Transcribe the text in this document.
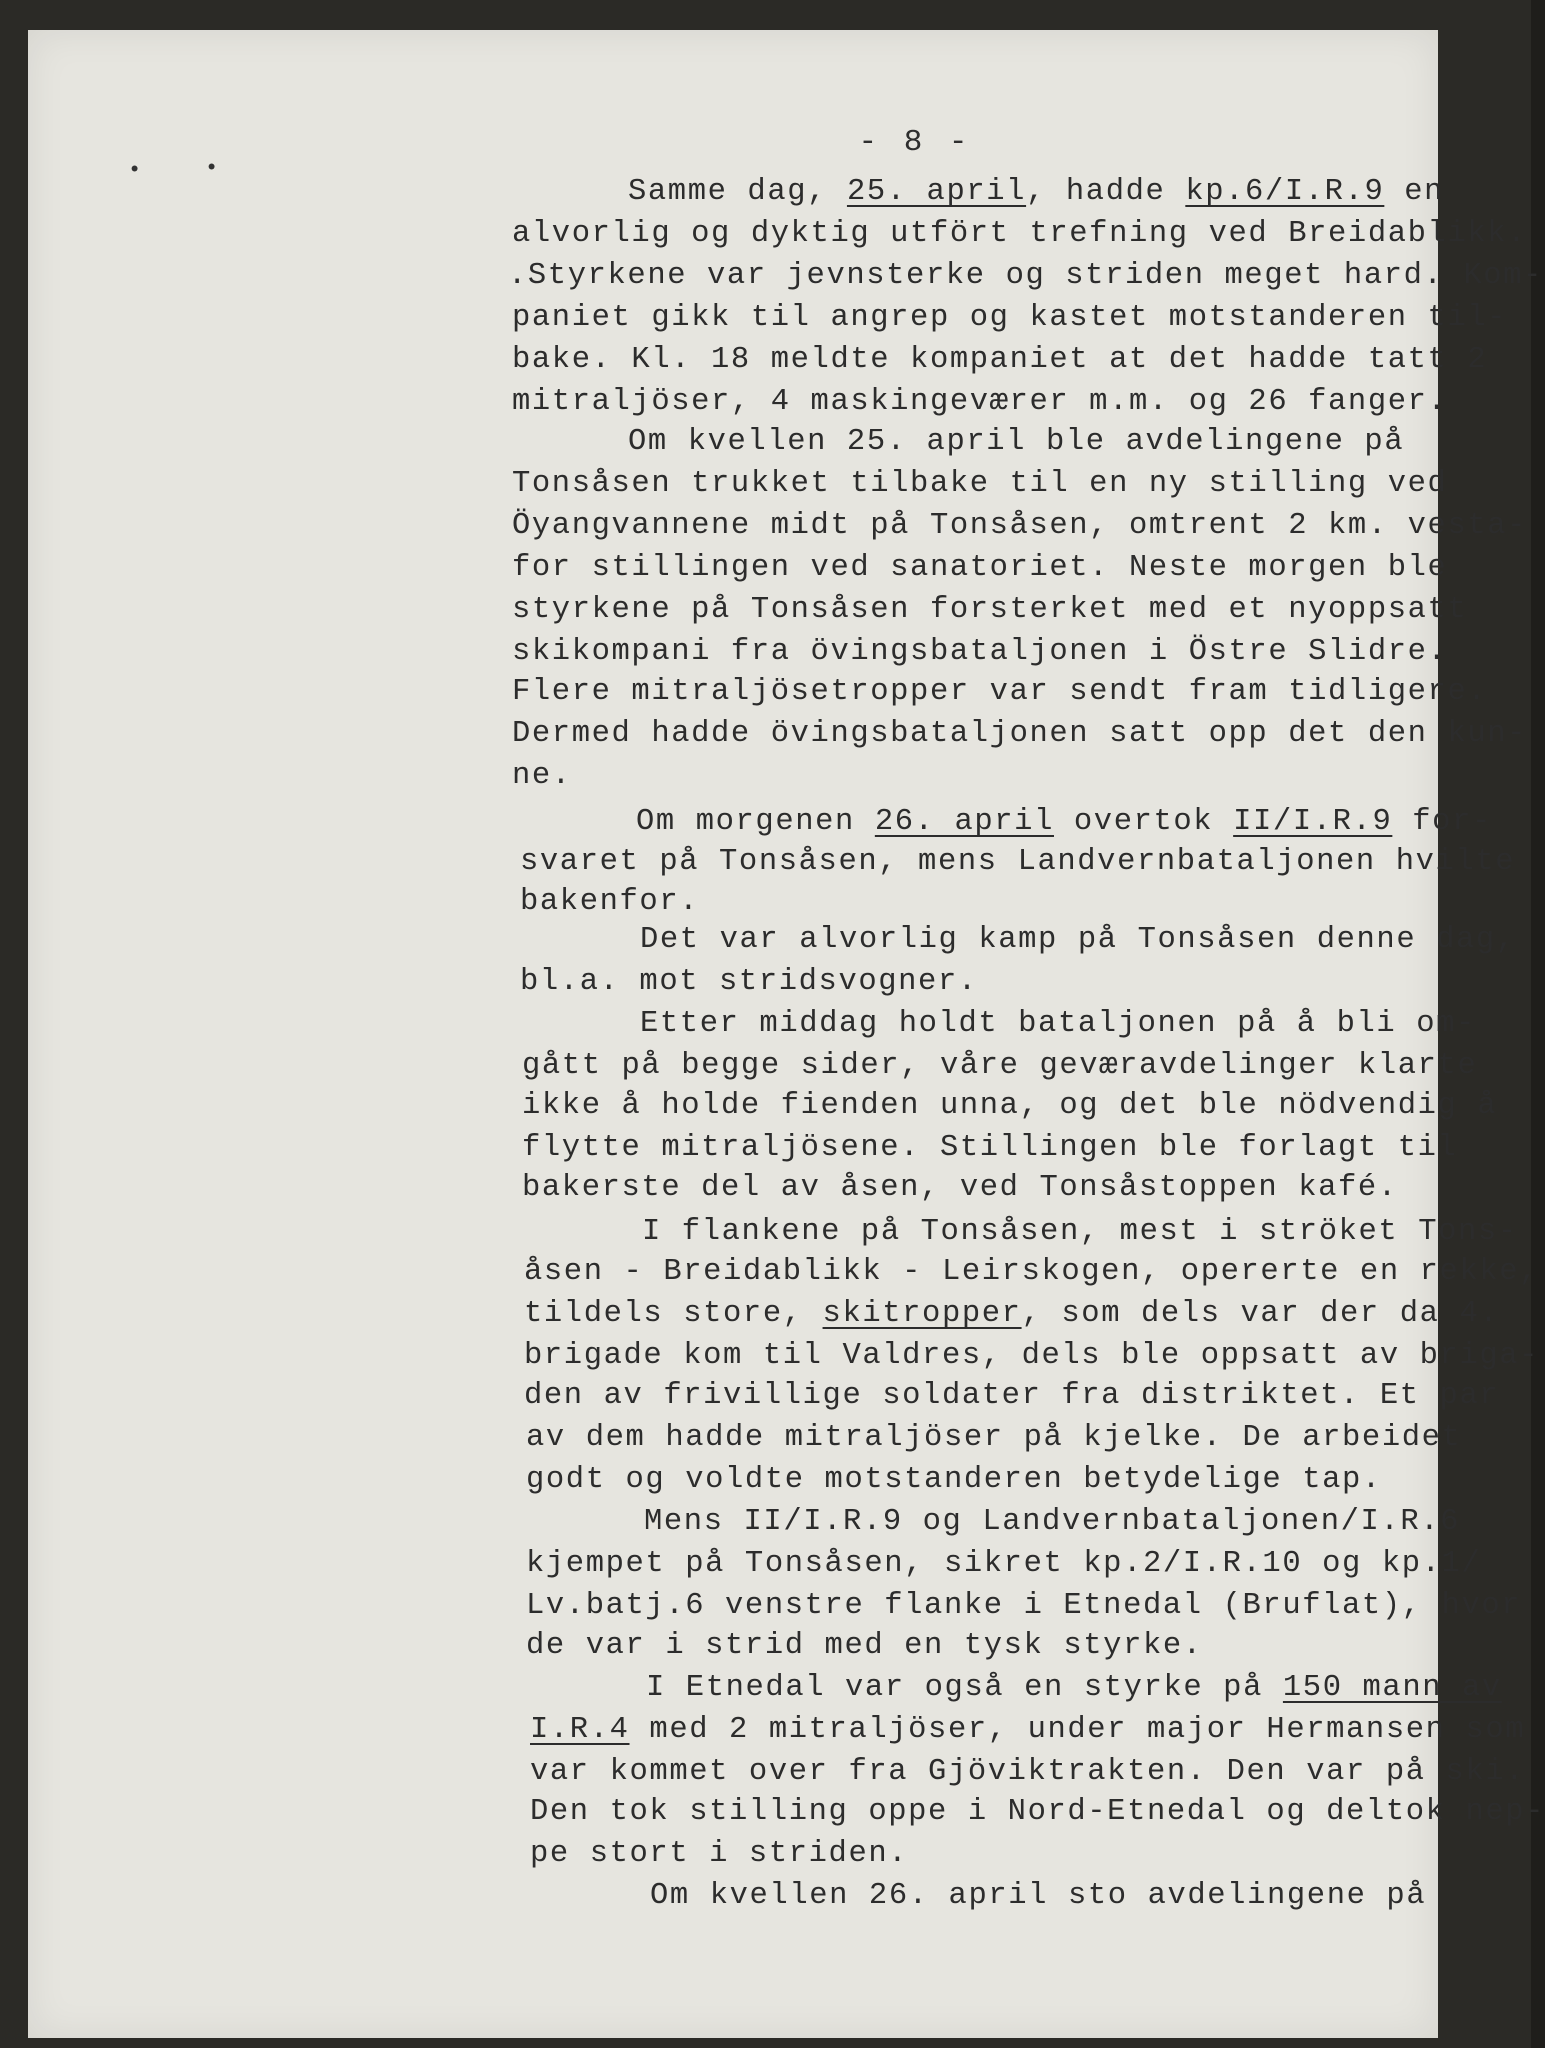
•	•
- 8 -

Samme dag, 25. april, hadde kp.6/I.R.9 en

alvorlig og dyktig utfört trefning ved Breidablikk.

.Styrkene var jevnsterke og striden meget hard. Kom-

paniet gikk til angrep og kastet motstanderen til-

bake. Kl. 18 meldte kompaniet at det hadde tatt 2

mitraljöser, 4 maskingeværer m.m. og 26 fanger.

Om kvellen 25. april ble avdelingene på

Tonsåsen trukket tilbake til en ny stilling ved

Öyangvannene midt på Tonsåsen, omtrent 2 km. vesta-

for stillingen ved sanatoriet. Neste morgen ble

styrkene på Tonsåsen forsterket med et nyoppsatt

skikompani fra övingsbataljonen i Östre Slidre.

Flere mitraljösetropper var sendt fram tidligere.

Dermed hadde övingsbataljonen satt opp det den kun-

ne.

Om morgenen 26. april overtok II/I.R.9 for-

svaret på Tonsåsen, mens Landvernbataljonen hvilte

bakenfor.

Det var alvorlig kamp på Tonsåsen denne dag,

bl.a. mot stridsvogner.

Etter middag holdt bataljonen på å bli om-

gått på begge sider, våre geværavdelinger klarte

ikke å holde fienden unna, og det ble nödvendig å

flytte mitraljösene. Stillingen ble forlagt til

bakerste del av åsen, ved Tonsåstoppen kafé.

I flankene på Tonsåsen, mest i ströket Tons-

åsen - Breidablikk - Leirskogen, opererte en rekke,

tildels store, skitropper, som dels var der da 4.

brigade kom til Valdres, dels ble oppsatt av briga-

den av frivillige soldater fra distriktet. Et par

av dem hadde mitraljöser på kjelke. De arbeidet

godt og voldte motstanderen betydelige tap.

Mens II/I.R.9 og Landvernbataljonen/I.R.6

kjempet på Tonsåsen, sikret kp.2/I.R.10 og kp.1/

Lv.batj.6 venstre flanke i Etnedal (Bruflat), hvor

de var i strid med en tysk styrke.

I Etnedal var også en styrke på 150 mann av

I.R.4 med 2 mitraljöser, under major Hermansen som

var kommet over fra Gjöviktrakten. Den var på ski.

Den tok stilling oppe i Nord-Etnedal og deltok nep-

pe stort i striden.

Om kvellen 26. april sto avdelingene på
